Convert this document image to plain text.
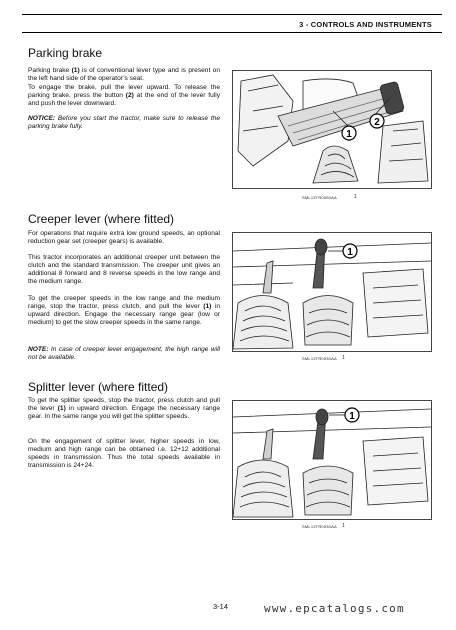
3 - CONTROLS AND INSTRUMENTS
Parking brake

Parking brake (1) is of conventional lever type and is present on the left hand side of the operator’s seat.

To engage the brake, pull the lever upward. To release the parking brake, press the button (2) at the end of the lever fully and push the lever downward.

NOTICE: Before you start the tractor, make sure to release the parking brake fully.

1
2
SML13TR0050AA	1
Creeper lever (where fitted)

For operations that require extra low ground speeds, an optional reduction gear set (creeper gears) is available.

This tractor incorporates an additional creeper unit between the clutch and the standard transmission. The creeper unit gives an additional 8 forward and 8 reverse speeds in the low range and the medium range.

To get the creeper speeds in the low range and the medium range, stop the tractor, press clutch, and pull the lever (1) in upward direction. Engage the necessary range gear (low or medium) to get the slow creeper speeds in the same range.

NOTE: In case of creeper lever engagement, the high range will not be available.

1
SML13TR0030AA 1
Splitter lever (where fitted)

To get the splitter speeds, stop the tractor, press clutch and pull the lever (1) in upward direction. Engage the necessary range gear. In the same range you will get the splitter speeds.

On the engagement of splitter lever, higher speeds in low, medium and high range can be obtained i.e. 12+12 additional speeds in transmission. Thus the total speeds available in transmission is 24+24.

1
SML13TR0030AA 1
3-14	www.epcatalogs.com
